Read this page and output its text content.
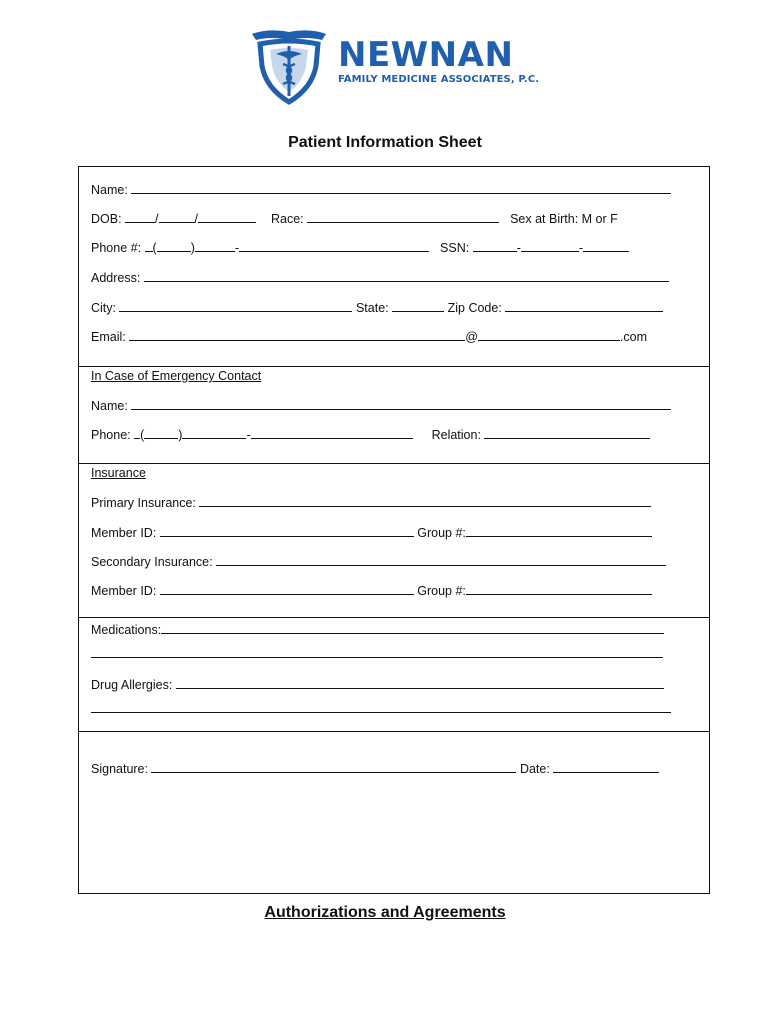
NEWNAN
FAMILY MEDICINE ASSOCIATES, P.C.
Patient Information Sheet
Name:
DOB:	/	/	Race:	Sex at Birth: M or F
Phone #: (	)	-	SSN:	-	-
Address:
City:	State:	Zip Code:
Email:	@	.com
In Case of Emergency Contact
Name:
Phone: (	)	-	Relation:
Insurance
Primary Insurance:
Member ID:	Group #:
Secondary Insurance:
Member ID:	Group #:
Medications:
Drug Allergies:
Signature:	Date:
Authorizations and Agreements
